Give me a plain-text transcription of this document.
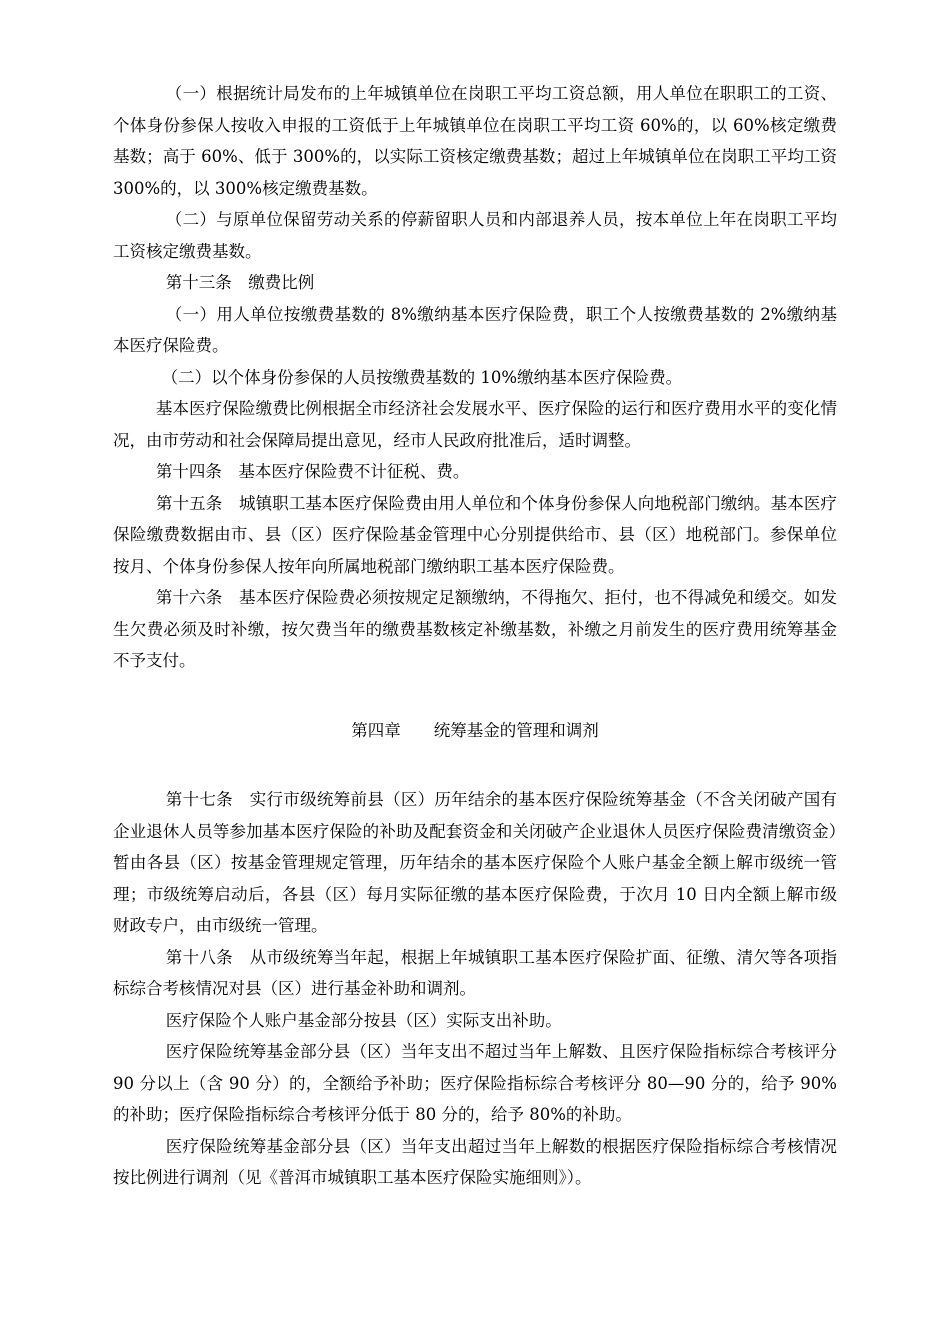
（一）根据统计局发布的上年城镇单位在岗职工平均工资总额，用人单位在职职工的工资、个体身份参保人按收入申报的工资低于上年城镇单位在岗职工平均工资 60%的，以 60%核定缴费基数；高于 60%、低于 300%的，以实际工资核定缴费基数；超过上年城镇单位在岗职工平均工资 300%的，以 300%核定缴费基数。

（二）与原单位保留劳动关系的停薪留职人员和内部退养人员，按本单位上年在岗职工平均工资核定缴费基数。

第十三条　缴费比例

（一）用人单位按缴费基数的 8%缴纳基本医疗保险费，职工个人按缴费基数的 2%缴纳基本医疗保险费。

（二）以个体身份参保的人员按缴费基数的 10%缴纳基本医疗保险费。

基本医疗保险缴费比例根据全市经济社会发展水平、医疗保险的运行和医疗费用水平的变化情况，由市劳动和社会保障局提出意见，经市人民政府批准后，适时调整。

第十四条　基本医疗保险费不计征税、费。

第十五条　城镇职工基本医疗保险费由用人单位和个体身份参保人向地税部门缴纳。基本医疗保险缴费数据由市、县（区）医疗保险基金管理中心分别提供给市、县（区）地税部门。参保单位按月、个体身份参保人按年向所属地税部门缴纳职工基本医疗保险费。

第十六条　基本医疗保险费必须按规定足额缴纳，不得拖欠、拒付，也不得减免和缓交。如发生欠费必须及时补缴，按欠费当年的缴费基数核定补缴基数，补缴之月前发生的医疗费用统筹基金不予支付。

第四章　　统筹基金的管理和调剂

第十七条　实行市级统筹前县（区）历年结余的基本医疗保险统筹基金（不含关闭破产国有企业退休人员等参加基本医疗保险的补助及配套资金和关闭破产企业退休人员医疗保险费清缴资金）暂由各县（区）按基金管理规定管理，历年结余的基本医疗保险个人账户基金全额上解市级统一管理；市级统筹启动后，各县（区）每月实际征缴的基本医疗保险费，于次月 10 日内全额上解市级财政专户，由市级统一管理。

第十八条　从市级统筹当年起，根据上年城镇职工基本医疗保险扩面、征缴、清欠等各项指标综合考核情况对县（区）进行基金补助和调剂。

医疗保险个人账户基金部分按县（区）实际支出补助。

医疗保险统筹基金部分县（区）当年支出不超过当年上解数、且医疗保险指标综合考核评分 90 分以上（含 90 分）的，全额给予补助；医疗保险指标综合考核评分 80—90 分的，给予 90%的补助；医疗保险指标综合考核评分低于 80 分的，给予 80%的补助。

医疗保险统筹基金部分县（区）当年支出超过当年上解数的根据医疗保险指标综合考核情况按比例进行调剂（见《普洱市城镇职工基本医疗保险实施细则》）。
